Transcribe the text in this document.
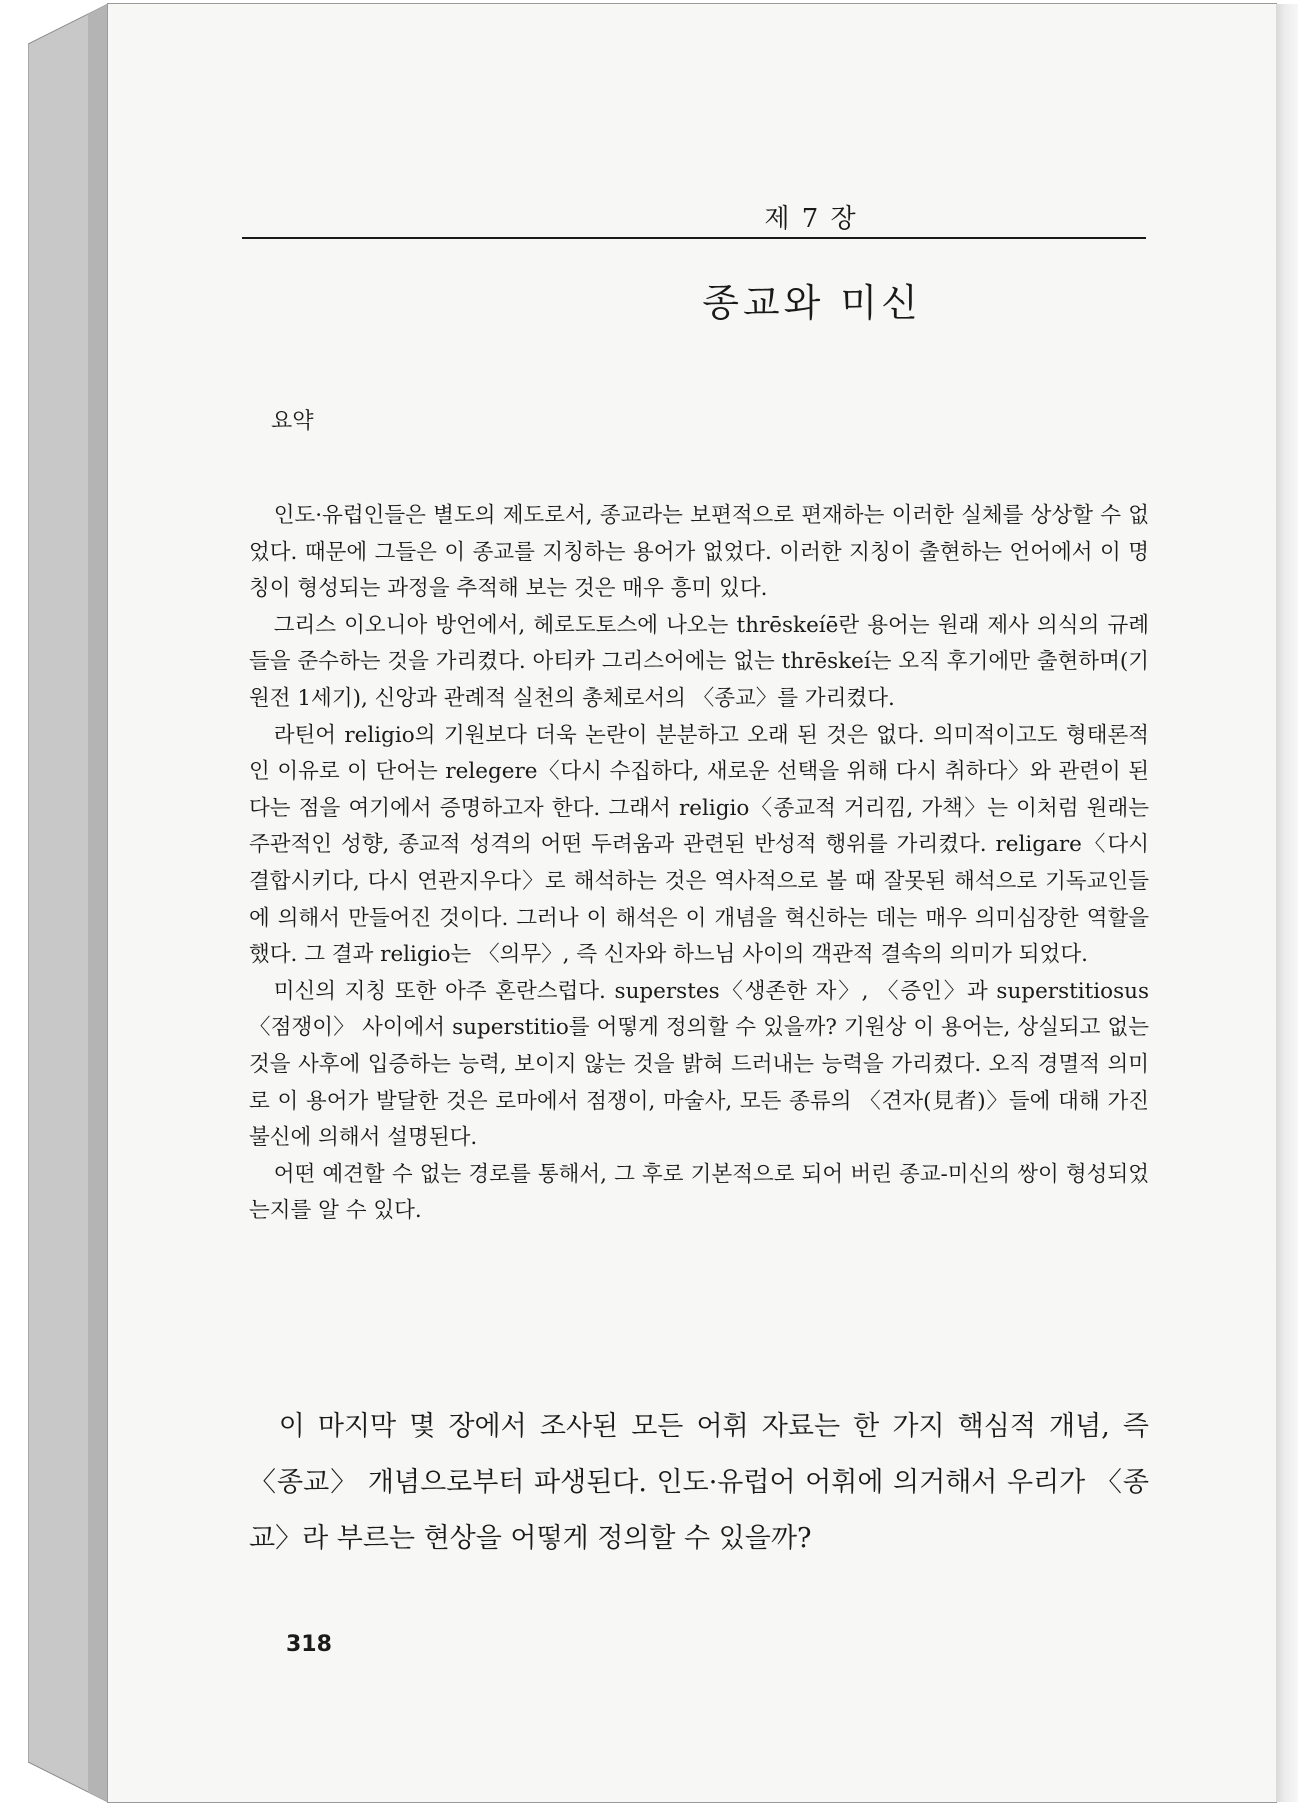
제 7 장
종교와 미신
요약

인도·유럽인들은 별도의 제도로서, 종교라는 보편적으로 편재하는 이러한 실체를 상상할 수 없었다. 때문에 그들은 이 종교를 지칭하는 용어가 없었다. 이러한 지칭이 출현하는 언어에서 이 명칭이 형성되는 과정을 추적해 보는 것은 매우 흥미 있다.

그리스 이오니아 방언에서, 헤로도토스에 나오는 thrēskeíē란 용어는 원래 제사 의식의 규례들을 준수하는 것을 가리켰다. 아티카 그리스어에는 없는 thrēskeí는 오직 후기에만 출현하며(기원전 1세기), 신앙과 관례적 실천의 총체로서의 〈종교〉를 가리켰다.

라틴어 religio의 기원보다 더욱 논란이 분분하고 오래 된 것은 없다. 의미적이고도 형태론적인 이유로 이 단어는 relegere〈다시 수집하다, 새로운 선택을 위해 다시 취하다〉와 관련이 된다는 점을 여기에서 증명하고자 한다. 그래서 religio〈종교적 거리낌, 가책〉는 이처럼 원래는 주관적인 성향, 종교적 성격의 어떤 두려움과 관련된 반성적 행위를 가리켰다. religare〈다시 결합시키다, 다시 연관지우다〉로 해석하는 것은 역사적으로 볼 때 잘못된 해석으로 기독교인들에 의해서 만들어진 것이다. 그러나 이 해석은 이 개념을 혁신하는 데는 매우 의미심장한 역할을 했다. 그 결과 religio는 〈의무〉, 즉 신자와 하느님 사이의 객관적 결속의 의미가 되었다.

미신의 지칭 또한 아주 혼란스럽다. superstes〈생존한 자〉, 〈증인〉과 superstitiosus〈점쟁이〉 사이에서 superstitio를 어떻게 정의할 수 있을까? 기원상 이 용어는, 상실되고 없는 것을 사후에 입증하는 능력, 보이지 않는 것을 밝혀 드러내는 능력을 가리켰다. 오직 경멸적 의미로 이 용어가 발달한 것은 로마에서 점쟁이, 마술사, 모든 종류의 〈견자(見者)〉들에 대해 가진 불신에 의해서 설명된다.

어떤 예견할 수 없는 경로를 통해서, 그 후로 기본적으로 되어 버린 종교-미신의 쌍이 형성되었는지를 알 수 있다.

이 마지막 몇 장에서 조사된 모든 어휘 자료는 한 가지 핵심적 개념, 즉 〈종교〉 개념으로부터 파생된다. 인도·유럽어 어휘에 의거해서 우리가 〈종교〉라 부르는 현상을 어떻게 정의할 수 있을까?
318
